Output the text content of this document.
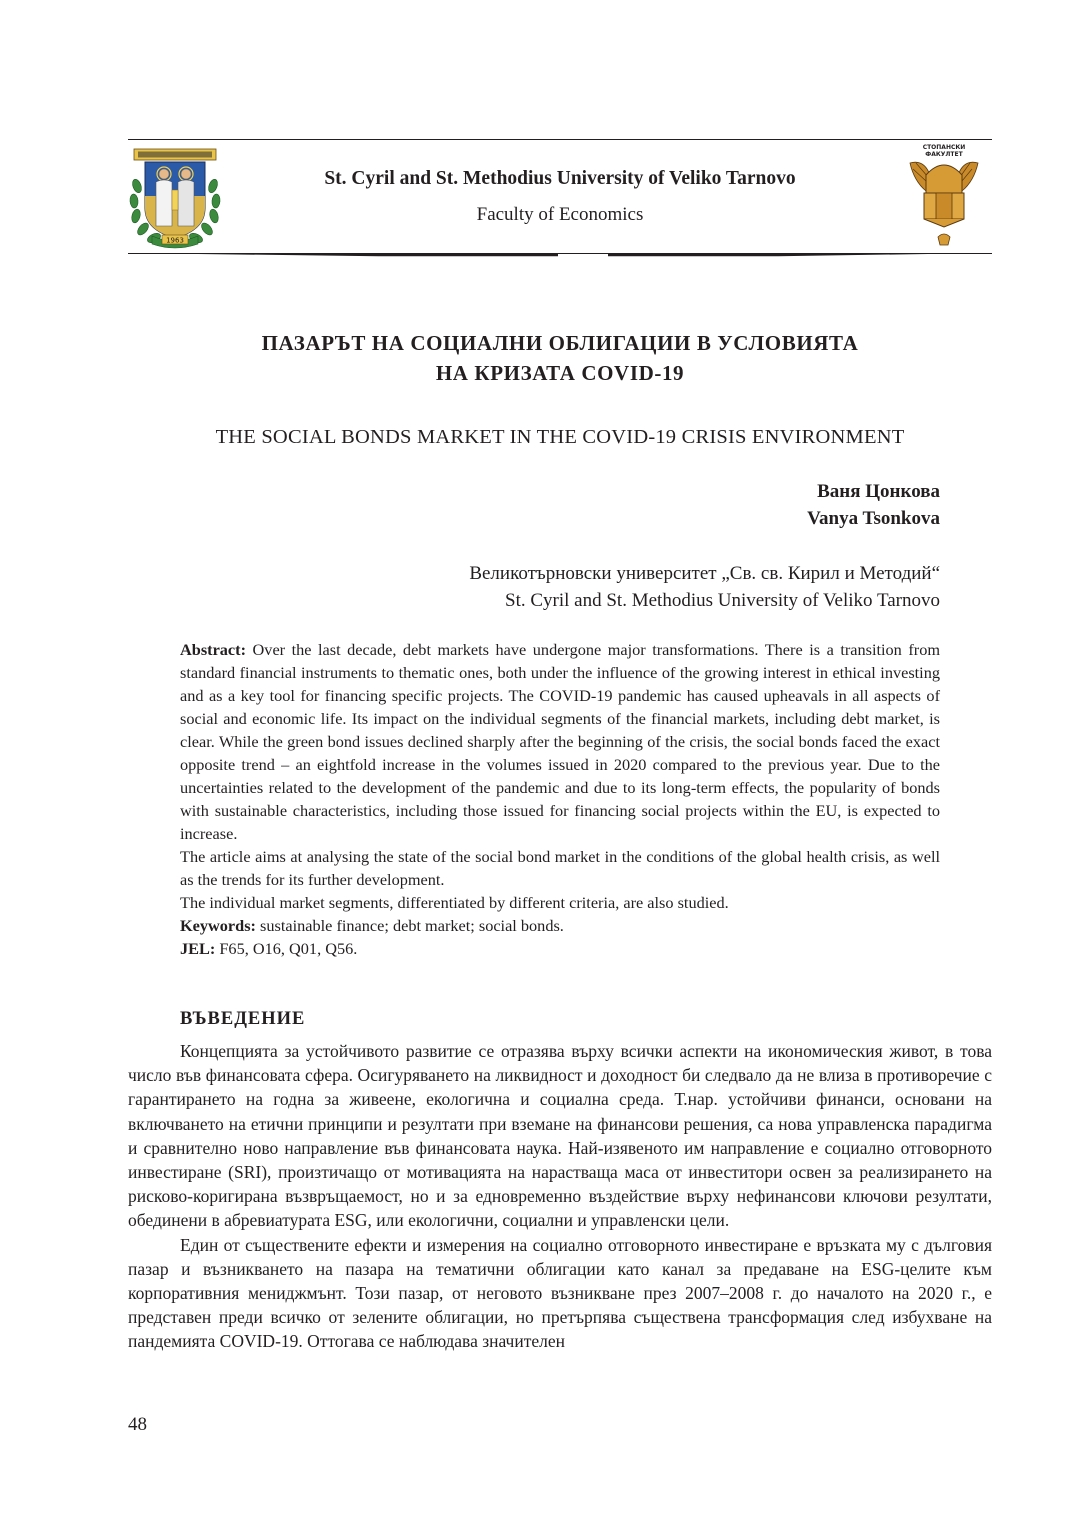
1963
St. Cyril and St. Methodius University of Veliko Tarnovo
Faculty of Economics
СТОПАНСКИ
ФАКУЛТЕТ
ПАЗАРЪТ НА СОЦИАЛНИ ОБЛИГАЦИИ В УСЛОВИЯТА
НА КРИЗАТА COVID-19
THE SOCIAL BONDS MARKET IN THE COVID-19 CRISIS ENVIRONMENT
Ваня Цонкова
Vanya Tsonkova
Великотърновски университет „Св. св. Кирил и Методий“
St. Cyril and St. Methodius University of Veliko Tarnovo

Abstract: Over the last decade, debt markets have undergone major transformations. There is a transition from standard financial instruments to thematic ones, both under the influence of the growing interest in ethical investing and as a key tool for financing specific projects. The COVID-19 pandemic has caused upheavals in all aspects of social and economic life. Its impact on the individual segments of the financial markets, including debt market, is clear. While the green bond issues declined sharply after the beginning of the crisis, the social bonds faced the exact opposite trend – an eightfold increase in the volumes issued in 2020 compared to the previous year. Due to the uncertainties related to the development of the pandemic and due to its long-term effects, the popularity of bonds with sustainable characteristics, including those issued for financing social projects within the EU, is expected to increase.

The article aims at analysing the state of the social bond market in the conditions of the global health crisis, as well as the trends for its further development.

The individual market segments, differentiated by different criteria, are also studied.

Keywords: sustainable finance; debt market; social bonds.

JEL: F65, O16, Q01, Q56.

ВЪВЕДЕНИЕ

Концепцията за устойчивото развитие се отразява върху всички аспекти на икономическия живот, в това число във финансовата сфера. Осигуряването на ликвидност и доходност би следвало да не влиза в противоречие с гарантирането на годна за живеене, екологична и социална среда. Т.нар. устойчиви финанси, основани на включването на етични принципи и резултати при вземане на финансови решения, са нова управленска парадигма и сравнително ново направление във финансовата наука. Най-изявеното им направление е социално отговорното инвестиране (SRI), произтичащо от мотивацията на нарастваща маса от инвеститори освен за реализирането на рисково-коригирана възвръщаемост, но и за едновременно въздействие върху нефинансови ключови резултати, обединени в абревиатурата ESG, или екологични, социални и управленски цели.

Един от съществените ефекти и измерения на социално отговорното инвестиране е връзката му с дълговия пазар и възникването на пазара на тематични облигации като канал за предаване на ESG-целите към корпоративния мениджмънт. Този пазар, от неговото възникване през 2007–2008 г. до началото на 2020 г., е представен преди всичко от зелените облигации, но претърпява съществена трансформация след избухване на пандемията COVID-19. Оттогава се наблюдава значителен

48
